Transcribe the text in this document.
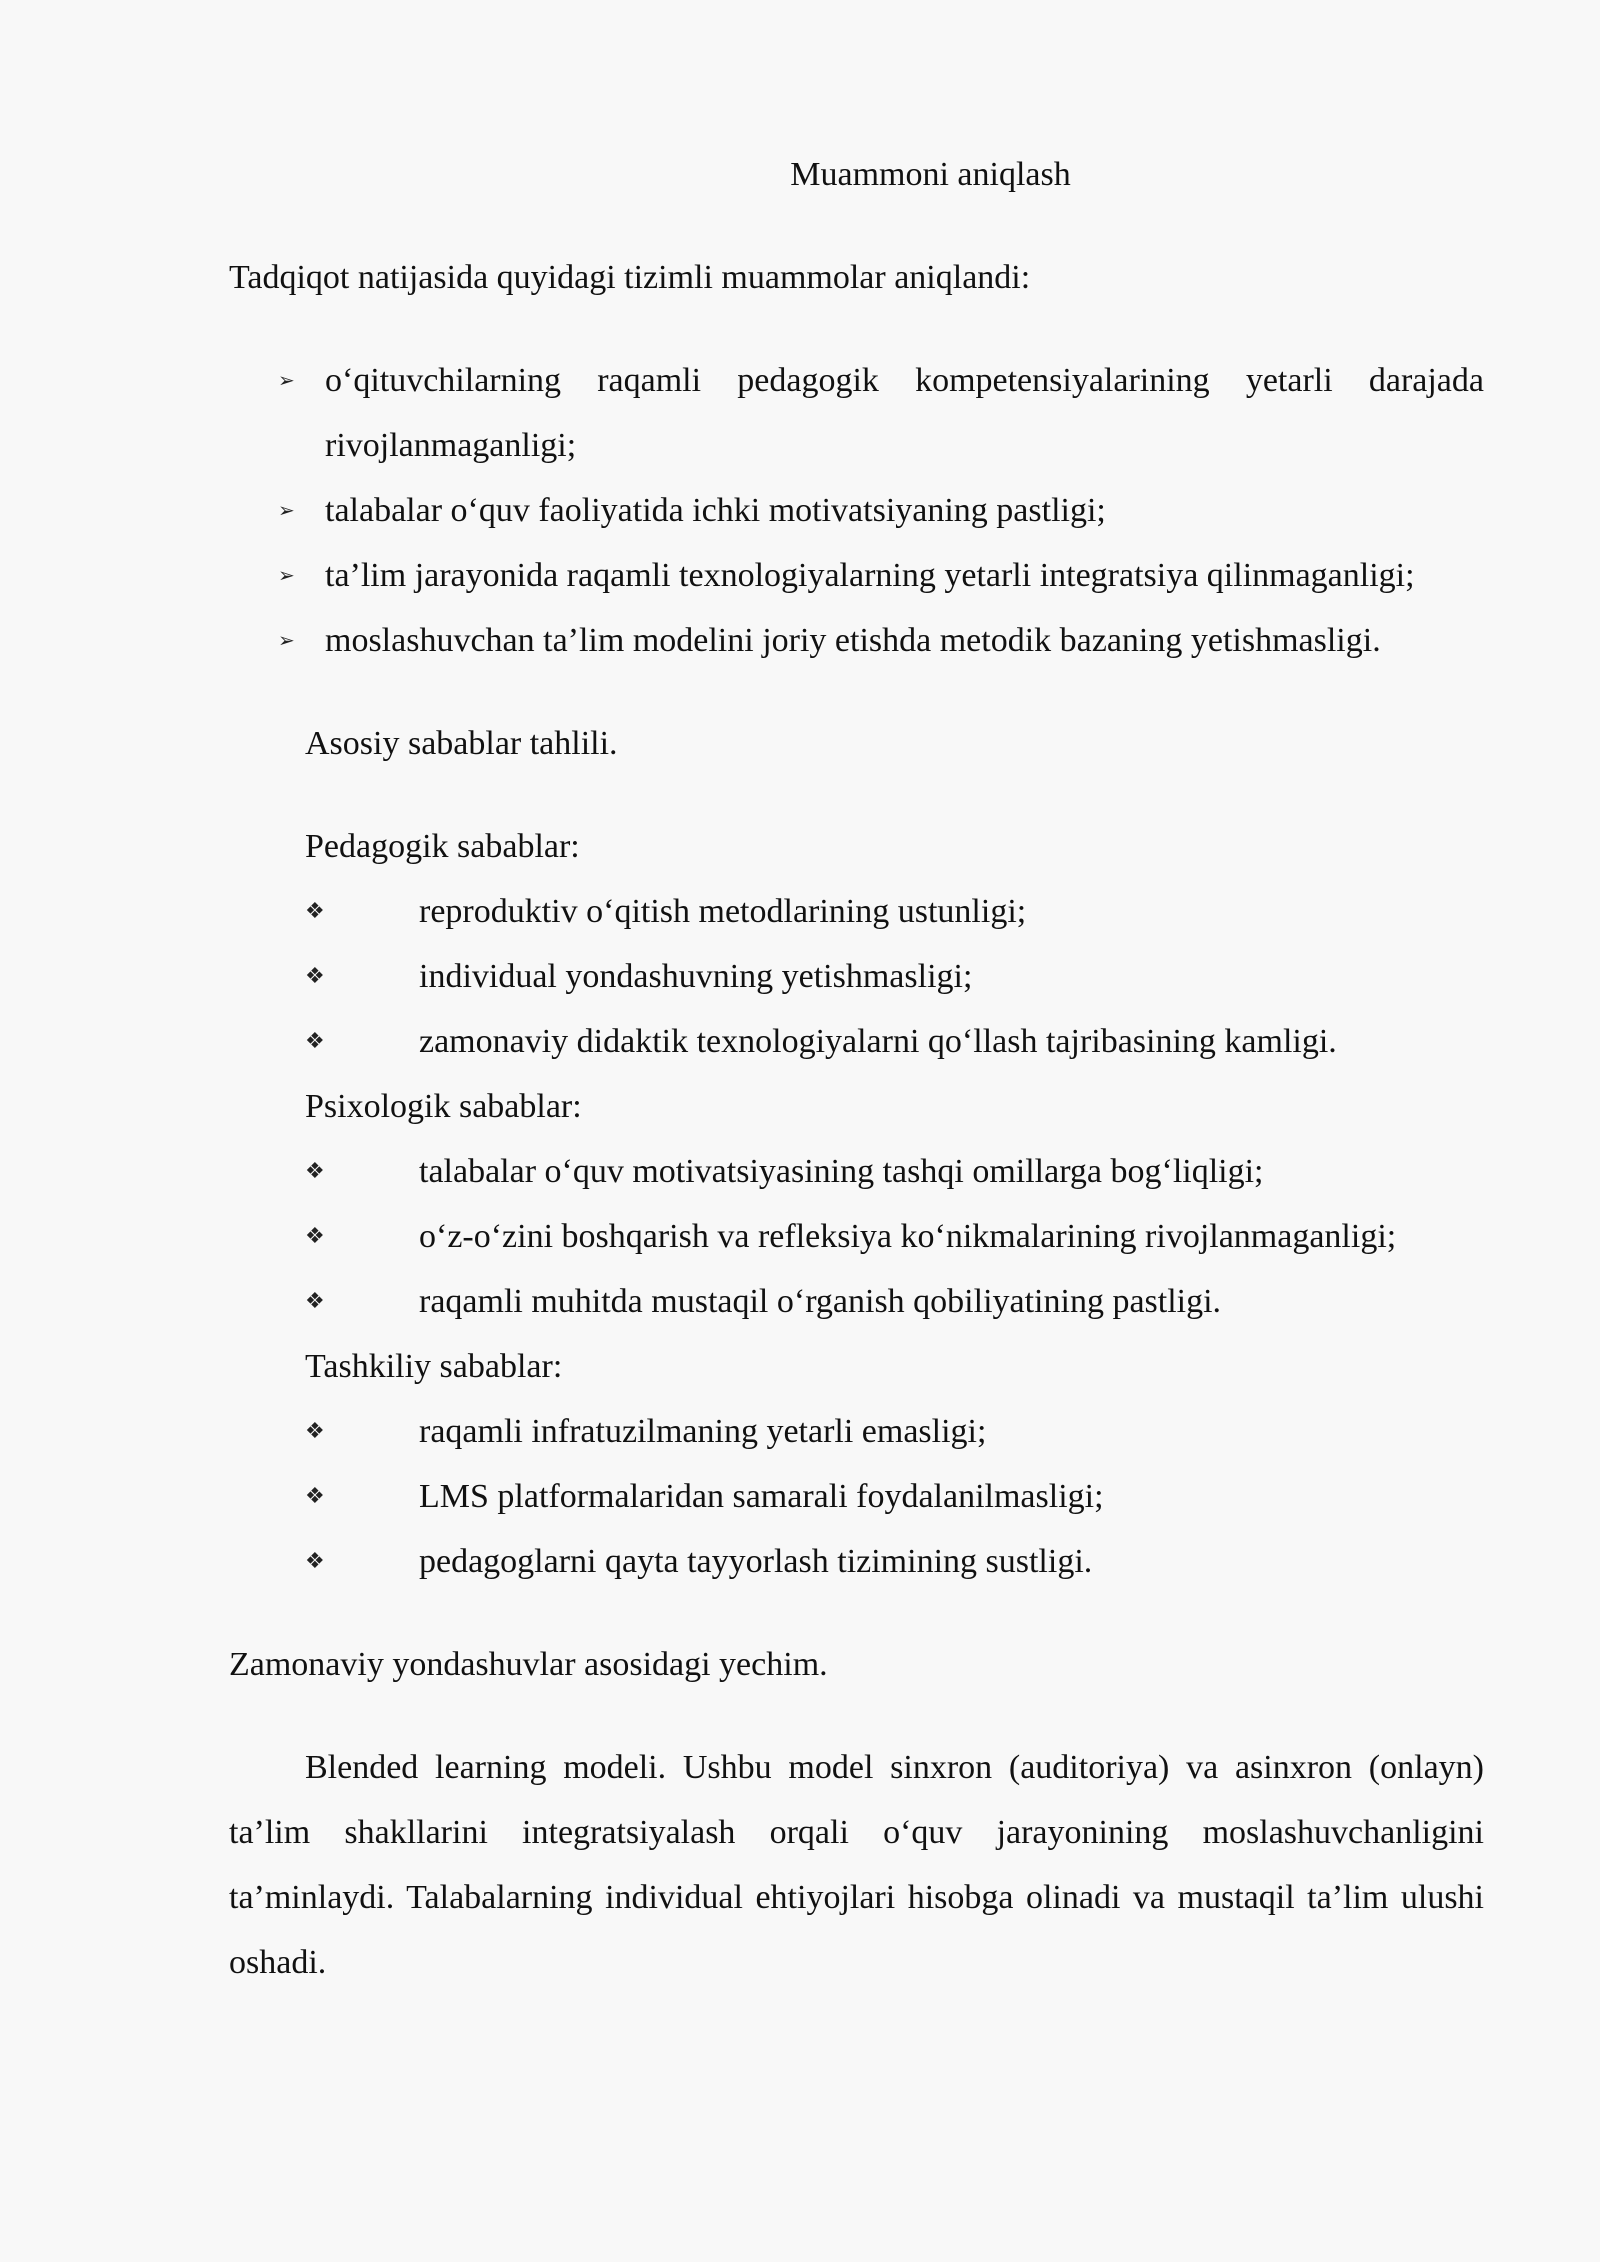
Muammoni aniqlash

Tadqiqot natijasida quyidagi tizimli muammolar aniqlandi:

➢ o‘qituvchilarning raqamli pedagogik kompetensiyalarining yetarli darajada rivojlanmaganligi;
➢ talabalar o‘quv faoliyatida ichki motivatsiyaning pastligi;
➢ ta’lim jarayonida raqamli texnologiyalarning yetarli integratsiya qilinmaganligi;
➢ moslashuvchan ta’lim modelini joriy etishda metodik bazaning yetishmasligi.

Asosiy sabablar tahlili.

Pedagogik sabablar:

❖	reproduktiv o‘qitish metodlarining ustunligi;
❖	individual yondashuvning yetishmasligi;
❖	zamonaviy didaktik texnologiyalarni qo‘llash tajribasining kamligi.

Psixologik sabablar:

❖	talabalar o‘quv motivatsiyasining tashqi omillarga bog‘liqligi;
❖	o‘z-o‘zini boshqarish va refleksiya ko‘nikmalarining rivojlanmaganligi;
❖	raqamli muhitda mustaqil o‘rganish qobiliyatining pastligi.

Tashkiliy sabablar:

❖	raqamli infratuzilmaning yetarli emasligi;
❖	LMS platformalaridan samarali foydalanilmasligi;
❖	pedagoglarni qayta tayyorlash tizimining sustligi.

Zamonaviy yondashuvlar asosidagi yechim.

Blended learning modeli. Ushbu model sinxron (auditoriya) va asinxron (onlayn) ta’lim shakllarini integratsiyalash orqali o‘quv jarayonining moslashuvchanligini ta’minlaydi. Talabalarning individual ehtiyojlari hisobga olinadi va mustaqil ta’lim ulushi oshadi.
